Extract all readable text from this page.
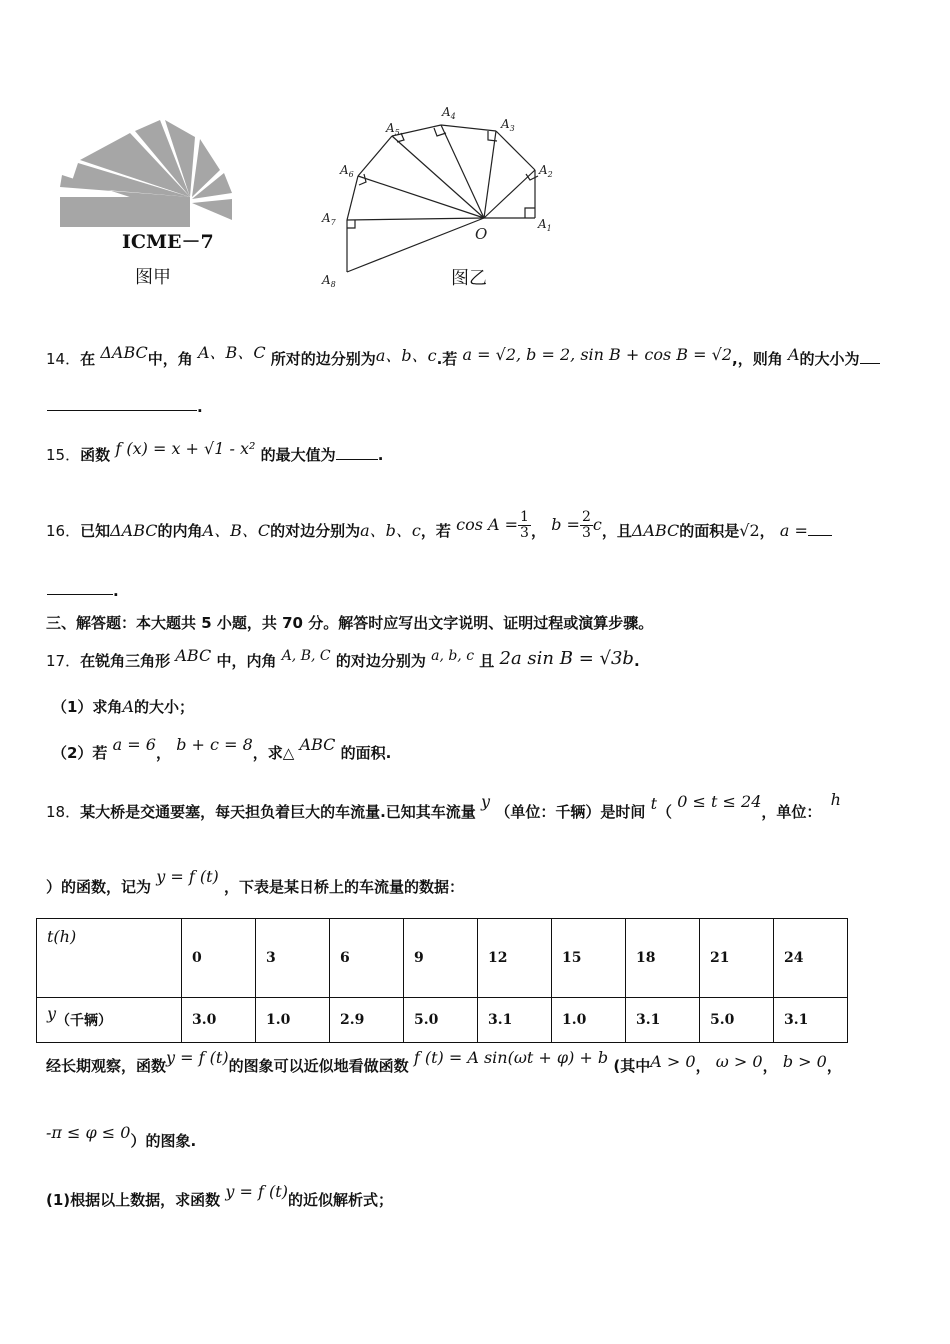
ICME－7
图甲
$A_1$
$A_2$
$A_3$
$A_4$
$A_5$
$A_6$
$A_7$
$A_8$
O
图乙
14．在 ΔABC中，角 A、B、C 所对的边分别为a、b、c.若 a = √2, b = 2, sin B + cos B = √2,，则角 A的大小为
.
15．函数 f (x) = x + √1 - x² 的最大值为	.
16．已知ΔABC的内角A、B、C的对边分别为a、b、c，若 $\cos A = \frac{1}{3}$ ， $b = \frac{2}{3}$ c，且ΔABC的面积是√2， a =
.
三、解答题：本大题共 5 小题，共 70 分。解答时应写出文字说明、证明过程或演算步骤。
17．在锐角三角形 ABC 中，内角 A, B, C 的对边分别为 a, b, c 且 2a sin B = √3b.
（1）求角A的大小；
（2）若 a = 6， b + c = 8，求△ ABC 的面积.
18．某大桥是交通要塞，每天担负着巨大的车流量.已知其车流量 y （单位：千辆）是时间 t（ 0 ≤ t ≤ 24，单位： h
）的函数，记为 y = f (t) ，下表是某日桥上的车流量的数据：
t(h)	0	3	6	9	12	15	18	21	24
y（千辆）	3.0	1.0	2.9	5.0	3.1	1.0	3.1	5.0	3.1
经长期观察，函数y = f (t)的图象可以近似地看做函数 f (t) = A sin(ωt + φ) + b (其中A > 0， ω > 0， b > 0，
-π ≤ φ ≤ 0）的图象.
(1)根据以上数据，求函数 y = f (t)的近似解析式；
